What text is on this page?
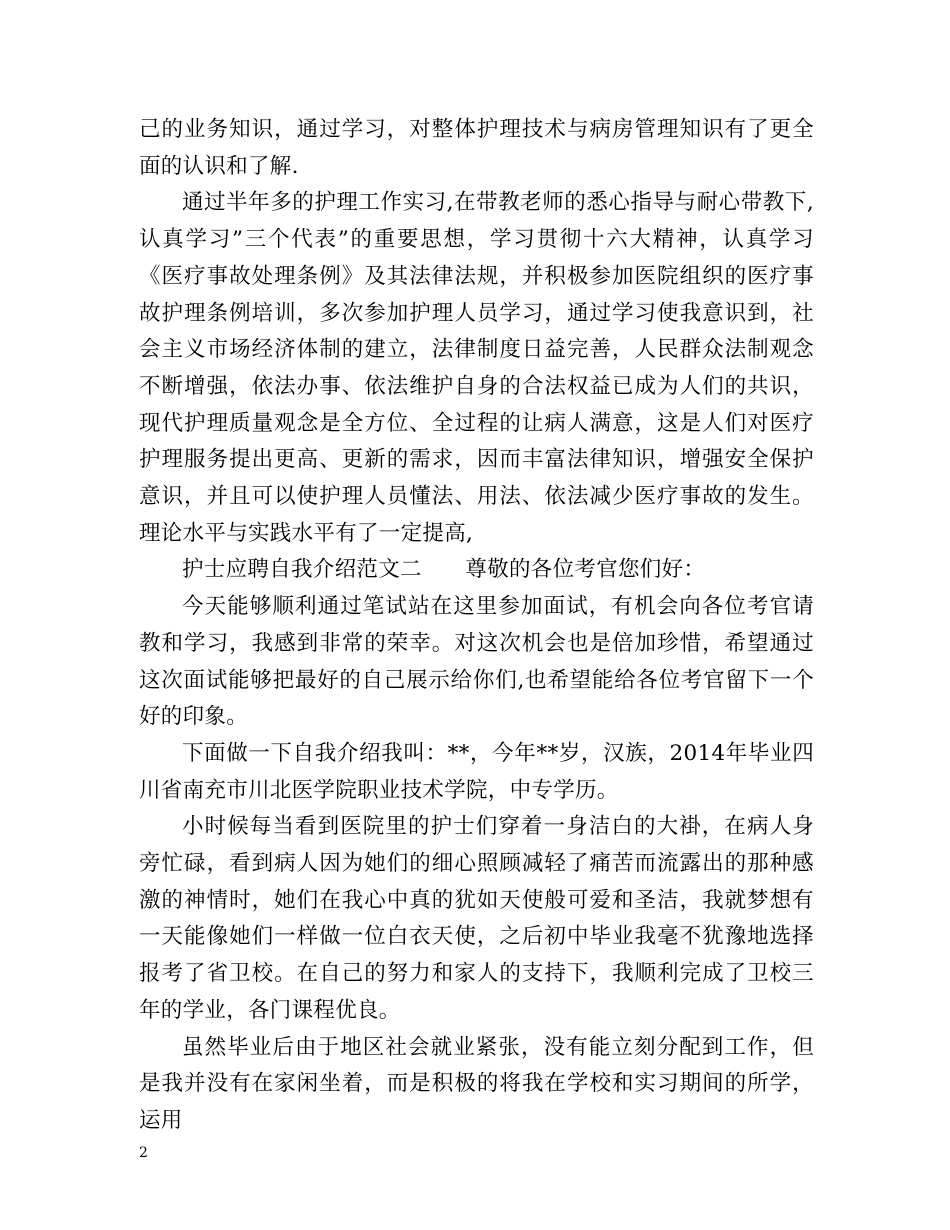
己的业务知识，通过学习，对整体护理技术与病房管理知识有了更全面的认识和了解.

通过半年多的护理工作实习,在带教老师的悉心指导与耐心带教下,认真学习”三个代表”的重要思想，学习贯彻十六大精神，认真学习《医疗事故处理条例》及其法律法规，并积极参加医院组织的医疗事故护理条例培训，多次参加护理人员学习，通过学习使我意识到，社会主义市场经济体制的建立，法律制度日益完善，人民群众法制观念不断增强，依法办事、依法维护自身的合法权益已成为人们的共识，现代护理质量观念是全方位、全过程的让病人满意，这是人们对医疗护理服务提出更高、更新的需求，因而丰富法律知识，增强安全保护意识，并且可以使护理人员懂法、用法、依法减少医疗事故的发生。理论水平与实践水平有了一定提高,

护士应聘自我介绍范文二　　尊敬的各位考官您们好：

今天能够顺利通过笔试站在这里参加面试，有机会向各位考官请教和学习，我感到非常的荣幸。对这次机会也是倍加珍惜，希望通过这次面试能够把最好的自己展示给你们,也希望能给各位考官留下一个好的印象。

下面做一下自我介绍我叫：**，今年**岁，汉族，2014年毕业四川省南充市川北医学院职业技术学院，中专学历。

小时候每当看到医院里的护士们穿着一身洁白的大褂，在病人身旁忙碌，看到病人因为她们的细心照顾减轻了痛苦而流露出的那种感激的神情时，她们在我心中真的犹如天使般可爱和圣洁，我就梦想有一天能像她们一样做一位白衣天使，之后初中毕业我毫不犹豫地选择报考了省卫校。在自己的努力和家人的支持下，我顺利完成了卫校三年的学业，各门课程优良。

虽然毕业后由于地区社会就业紧张，没有能立刻分配到工作，但是我并没有在家闲坐着，而是积极的将我在学校和实习期间的所学，运用

2
